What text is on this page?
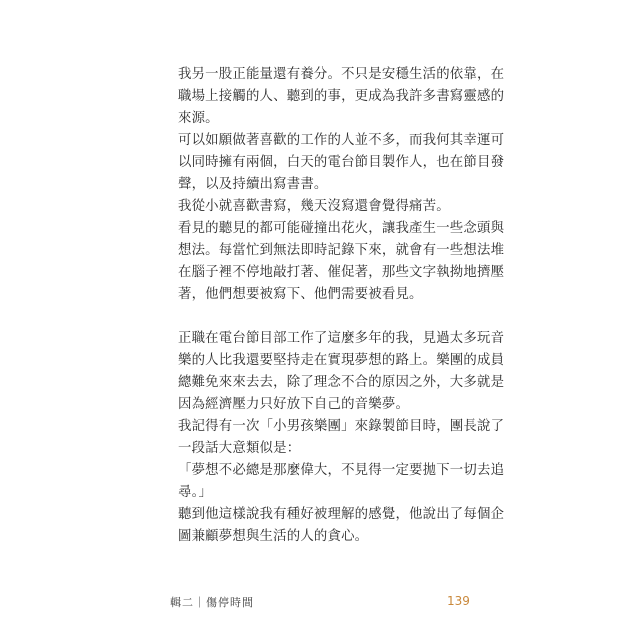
我另一股正能量還有養分。不只是安穩生活的依靠，在
職場上接觸的人、聽到的事，更成為我許多書寫靈感的
來源。
可以如願做著喜歡的工作的人並不多，而我何其幸運可
以同時擁有兩個，白天的電台節目製作人，也在節目發
聲，以及持續出寫書書。
我從小就喜歡書寫，幾天沒寫還會覺得痛苦。
看見的聽見的都可能碰撞出花火，讓我產生一些念頭與
想法。每當忙到無法即時記錄下來，就會有一些想法堆
在腦子裡不停地敲打著、催促著，那些文字執拗地擠壓
著，他們想要被寫下、他們需要被看見。
正職在電台節目部工作了這麼多年的我，見過太多玩音
樂的人比我還要堅持走在實現夢想的路上。樂團的成員
總難免來來去去，除了理念不合的原因之外，大多就是
因為經濟壓力只好放下自己的音樂夢。
我記得有一次「小男孩樂團」來錄製節目時，團長說了
一段話大意類似是：
「夢想不必總是那麼偉大，不見得一定要拋下一切去追
尋。」
聽到他這樣說我有種好被理解的感覺，他說出了每個企
圖兼顧夢想與生活的人的貪心。
輯二｜傷停時間	139
